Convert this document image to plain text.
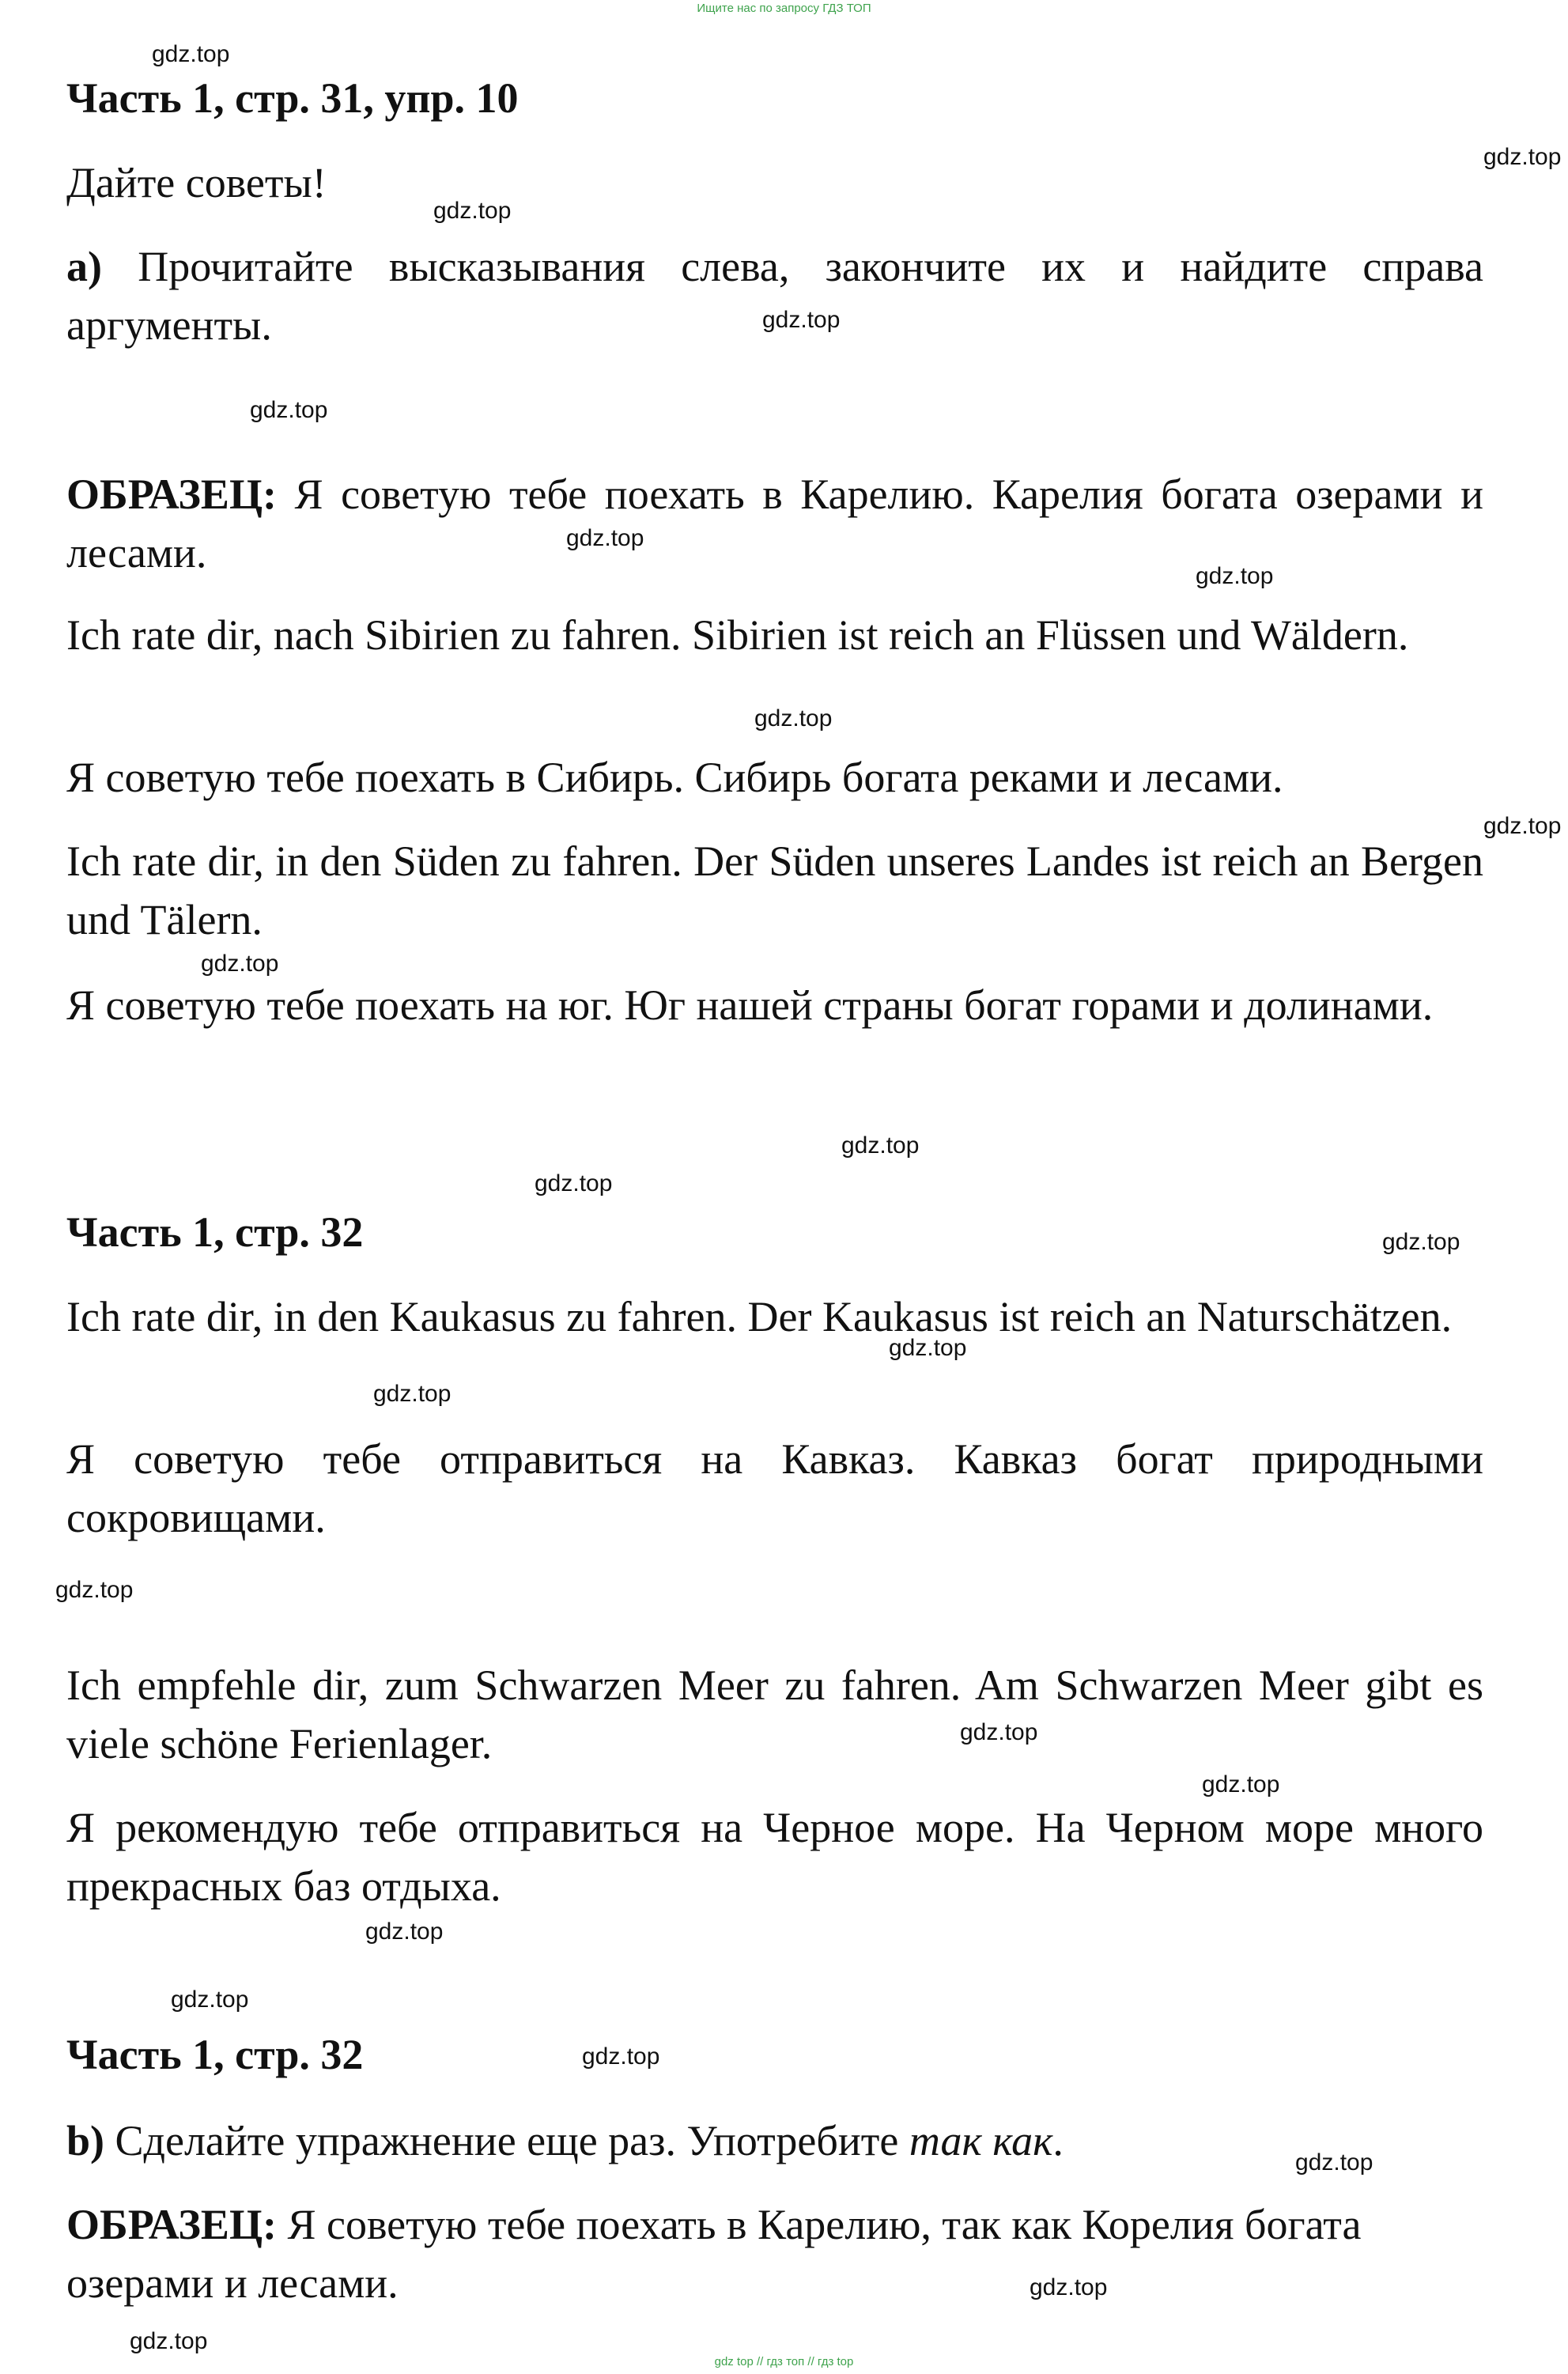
Ищите нас по запросу ГДЗ ТОП
Часть 1, стр. 31, упр. 10

Дайте советы!

a) Прочитайте высказывания слева, закончите их и найдите справа аргументы.

ОБРАЗЕЦ: Я советую тебе поехать в Карелию. Карелия богата озерами и лесами.

Ich rate dir, nach Sibirien zu fahren. Sibirien ist reich an Flüssen und Wäldern.

Я советую тебе поехать в Сибирь. Сибирь богата реками и лесами.

Ich rate dir, in den Süden zu fahren. Der Süden unseres Landes ist reich an Bergen und Tälern.

Я советую тебе поехать на юг. Юг нашей страны богат горами и долинами.

Часть 1, стр. 32

Ich rate dir, in den Kaukasus zu fahren. Der Kaukasus ist reich an Naturschätzen.

Я советую тебе отправиться на Кавказ. Кавказ богат природными сокровищами.

Ich empfehle dir, zum Schwarzen Meer zu fahren. Am Schwarzen Meer gibt es viele schöne Ferienlager.

Я рекомендую тебе отправиться на Черное море. На Черном море много прекрасных баз отдыха.

Часть 1, стр. 32

b) Сделайте упражнение еще раз. Употребите так как.

ОБРАЗЕЦ: Я советую тебе поехать в Карелию, так как Корелия богата озерами и лесами.

gdz.top
gdz.top
gdz.top
gdz.top
gdz.top
gdz.top
gdz.top
gdz.top
gdz.top
gdz.top
gdz.top
gdz.top
gdz.top
gdz.top
gdz.top
gdz.top
gdz.top
gdz.top
gdz.top
gdz.top
gdz.top
gdz.top
gdz.top
gdz.top
gdz top // гдз топ // гдз top
